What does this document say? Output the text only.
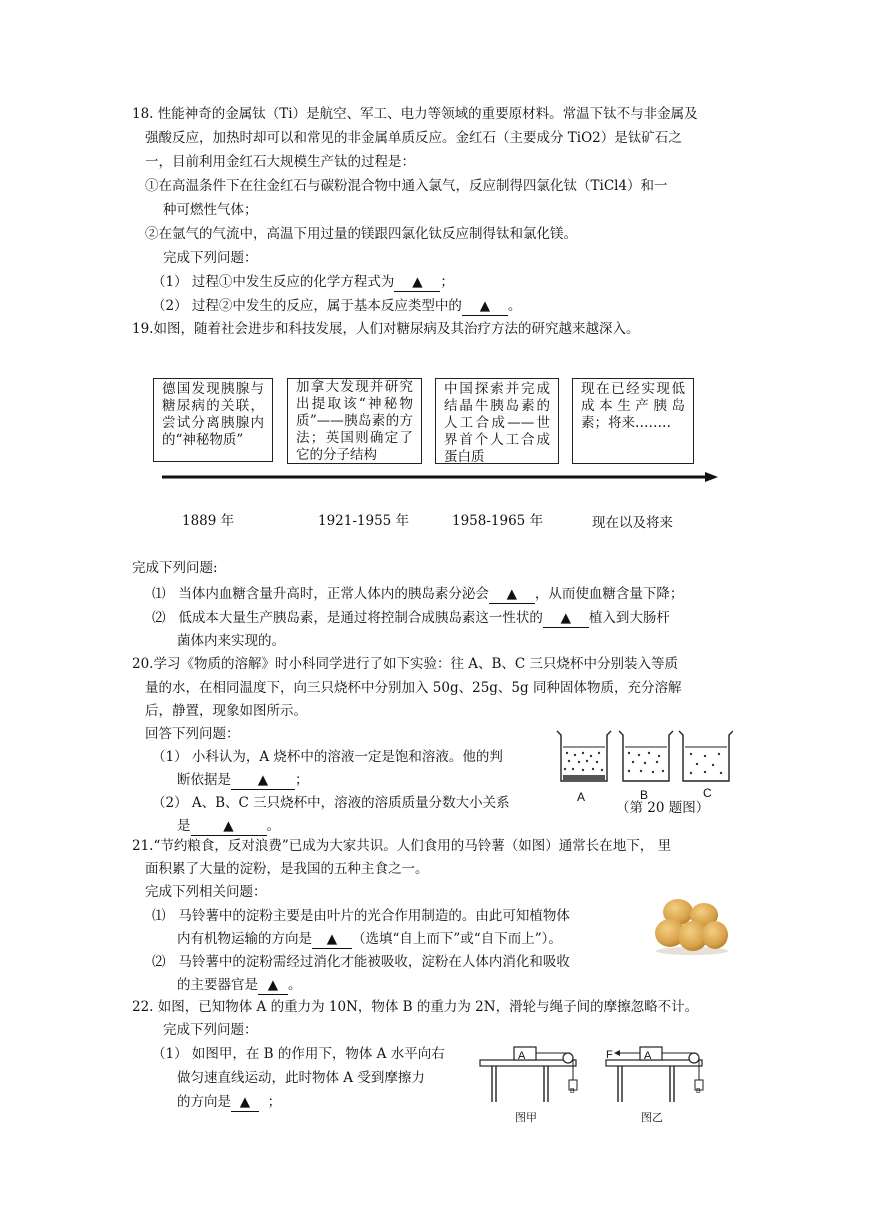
18. 性能神奇的金属钛（Ti）是航空、军工、电力等领域的重要原材料。常温下钛不与非金属及
强酸反应，加热时却可以和常见的非金属单质反应。金红石（主要成分 TiO2）是钛矿石之
一，目前利用金红石大规模生产钛的过程是：
①在高温条件下在往金红石与碳粉混合物中通入氯气，反应制得四氯化钛（TiCl4）和一
种可燃性气体；
②在氩气的气流中，高温下用过量的镁跟四氯化钛反应制得钛和氯化镁。
完成下列问题：
（1） 过程①中发生反应的化学方程式为 ▲ ；
（2） 过程②中发生的反应，属于基本反应类型中的 ▲ 。
19.如图，随着社会进步和科技发展，人们对糖尿病及其治疗方法的研究越来越深入。
德国发现胰腺与糖尿病的关联，尝试分离胰腺内的“神秘物质”
加拿大发现并研究出提取该“神秘物质”——胰岛素的方法；英国则确定了它的分子结构
中国探索并完成结晶牛胰岛素的人工合成——世界首个人工合成蛋白质
现在已经实现低 成本生产胰岛素；将来‥‥‥‥
1889 年	1921-1955 年	1958-1965 年	现在以及将来
完成下列问题:
⑴ 当体内血糖含量升高时，正常人体内的胰岛素分泌会 ▲ ，从而使血糖含量下降；
⑵ 低成本大量生产胰岛素，是通过将控制合成胰岛素这一性状的 ▲ 植入到大肠杆
菌体内来实现的。
20.学习《物质的溶解》时小科同学进行了如下实验：往 A、B、C 三只烧杯中分别装入等质
量的水，在相同温度下，向三只烧杯中分别加入 50g、25g、5g 同种固体物质，充分溶解
后，静置，现象如图所示。
回答下列问题：
（1） 小科认为，A 烧杯中的溶液一定是饱和溶液。他的判
断依据是 ▲ ；
（2） A、B、C 三只烧杯中，溶液的溶质质量分数大小关系
是 ▲ 。
A	B	C
（第 20 题图）
21.“节约粮食，反对浪费”已成为大家共识。人们食用的马铃薯（如图）通常长在地下， 里
面积累了大量的淀粉，是我国的五种主食之一。
完成下列相关问题：
⑴ 马铃薯中的淀粉主要是由叶片的光合作用制造的。由此可知植物体
内有机物运输的方向是 ▲ （选填“自上而下”或“自下而上”）。
⑵ 马铃薯中的淀粉需经过消化才能被吸收，淀粉在人体内消化和吸收
的主要器官是 ▲ 。
22. 如图，已知物体 A 的重力为 10N，物体 B 的重力为 2N，滑轮与绳子间的摩擦忽略不计。
完成下列问题：
（1） 如图甲，在 B 的作用下，物体 A 水平向右
做匀速直线运动，此时物体 A 受到摩擦力
的方向是 ▲ ；
A	A
B	B
F
图甲	图乙
